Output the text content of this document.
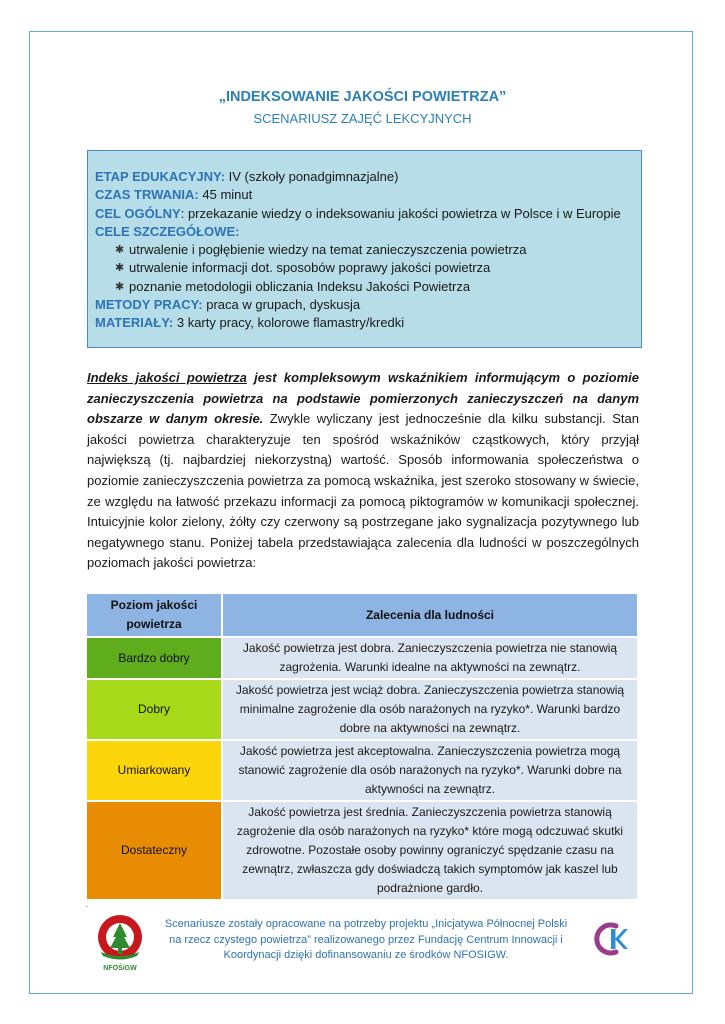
„INDEKSOWANIE JAKOŚCI POWIETRZA”
SCENARIUSZ ZAJĘĆ LEKCYJNYCH
ETAP EDUKACYJNY: IV (szkoły ponadgimnazjalne)
CZAS TRWANIA: 45 minut
CEL OGÓLNY: przekazanie wiedzy o indeksowaniu jakości powietrza w Polsce i w Europie
CELE SZCZEGÓŁOWE:
✱ utrwalenie i pogłębienie wiedzy na temat zanieczyszczenia powietrza
✱ utrwalenie informacji dot. sposobów poprawy jakości powietrza
✱ poznanie metodologii obliczania Indeksu Jakości Powietrza
METODY PRACY: praca w grupach, dyskusja
MATERIAŁY: 3 karty pracy, kolorowe flamastry/kredki
Indeks jakości powietrza jest kompleksowym wskaźnikiem informującym o poziomie zanieczyszczenia powietrza na podstawie pomierzonych zanieczyszczeń na danym obszarze w danym okresie. Zwykle wyliczany jest jednocześnie dla kilku substancji. Stan jakości powietrza charakteryzuje ten spośród wskaźników cząstkowych, który przyjął największą (tj. najbardziej niekorzystną) wartość. Sposób informowania społeczeństwa o poziomie zanieczyszczenia powietrza za pomocą wskaźnika, jest szeroko stosowany w świecie, ze względu na łatwość przekazu informacji za pomocą piktogramów w komunikacji społecznej. Intuicyjnie kolor zielony, żółty czy czerwony są postrzegane jako sygnalizacja pozytywnego lub negatywnego stanu. Poniżej tabela przedstawiająca zalecenia dla ludności w poszczególnych poziomach jakości powietrza:
Poziom jakości powietrza	Zalecenia dla ludności
Bardzo dobry	Jakość powietrza jest dobra. Zanieczyszczenia powietrza nie stanowią zagrożenia. Warunki idealne na aktywności na zewnątrz.
Dobry	Jakość powietrza jest wciąż dobra. Zanieczyszczenia powietrza stanowią minimalne zagrożenie dla osób narażonych na ryzyko*. Warunki bardzo dobre na aktywności na zewnątrz.
Umiarkowany	Jakość powietrza jest akceptowalna. Zanieczyszczenia powietrza mogą stanowić zagrożenie dla osób narażonych na ryzyko*. Warunki dobre na aktywności na zewnątrz.
Dostateczny	Jakość powietrza jest średnia. Zanieczyszczenia powietrza stanowią zagrożenie dla osób narażonych na ryzyko* które mogą odczuwać skutki zdrowotne. Pozostałe osoby powinny ograniczyć spędzanie czasu na zewnątrz, zwłaszcza gdy doświadczą takich symptomów jak kaszel lub podrażnione gardło.
.
NFOŚiGW
Scenariusze zostały opracowane na potrzeby projektu „Inicjatywa Północnej Polski na rzecz czystego powietrza” realizowanego przez Fundację Centrum Innowacji i Koordynacji dzięki dofinansowaniu ze środków NFOSIGW.
